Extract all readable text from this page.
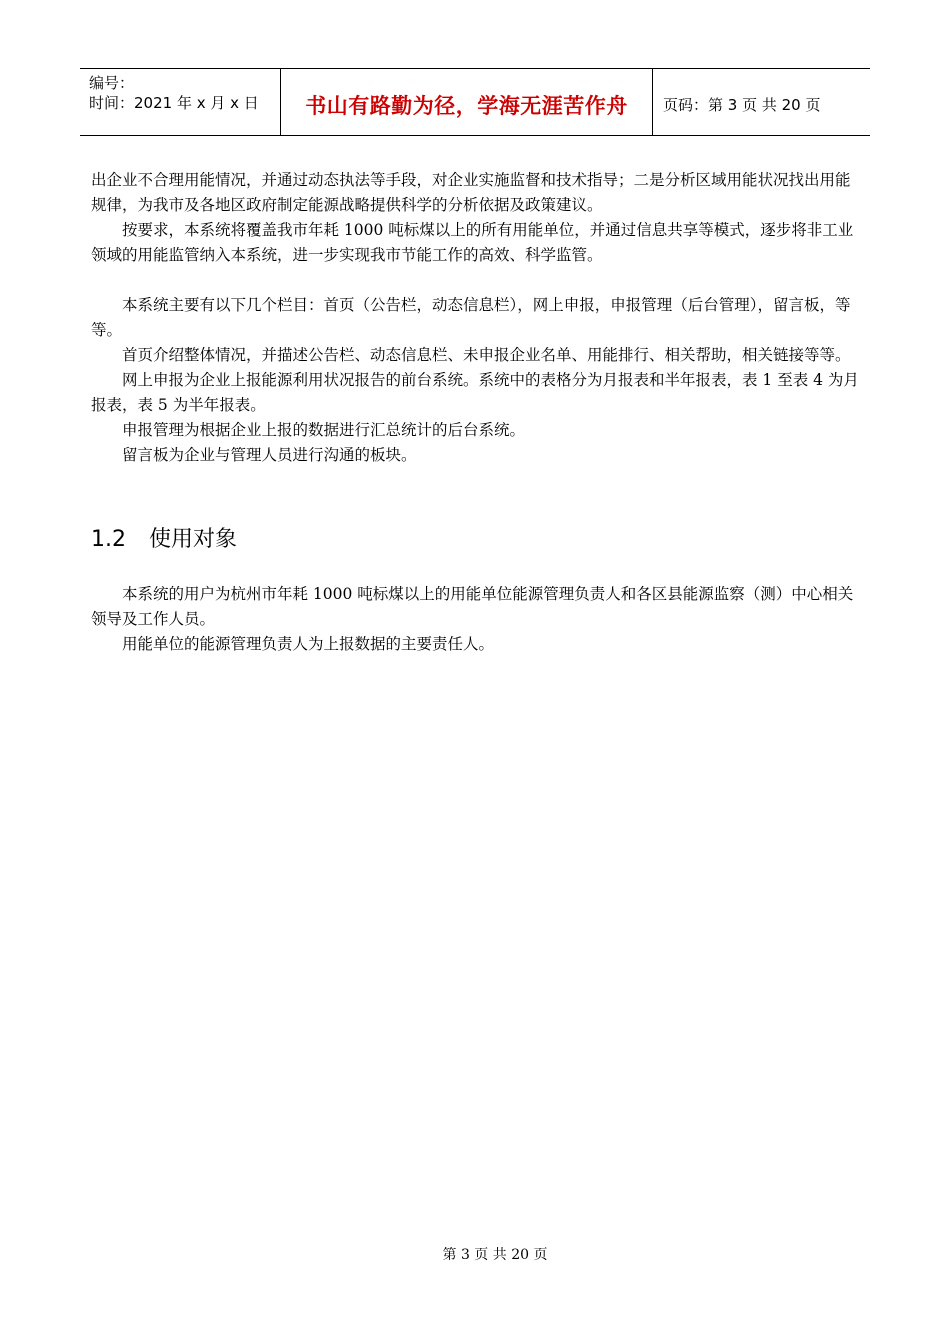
编号：
时间：2021 年 x 月 x 日	书山有路勤为径，学海无涯苦作舟	页码：第 3 页 共 20 页

出企业不合理用能情况，并通过动态执法等手段，对企业实施监督和技术指导；二是分析区域用能状况找出用能规律，为我市及各地区政府制定能源战略提供科学的分析依据及政策建议。

按要求，本系统将覆盖我市年耗 1000 吨标煤以上的所有用能单位，并通过信息共享等模式，逐步将非工业领域的用能监管纳入本系统，进一步实现我市节能工作的高效、科学监管。

本系统主要有以下几个栏目：首页（公告栏，动态信息栏），网上申报，申报管理（后台管理），留言板，等等。

首页介绍整体情况，并描述公告栏、动态信息栏、未申报企业名单、用能排行、相关帮助，相关链接等等。

网上申报为企业上报能源利用状况报告的前台系统。系统中的表格分为月报表和半年报表，表 1 至表 4 为月报表，表 5 为半年报表。

申报管理为根据企业上报的数据进行汇总统计的后台系统。

留言板为企业与管理人员进行沟通的板块。

1.2 使用对象

本系统的用户为杭州市年耗 1000 吨标煤以上的用能单位能源管理负责人和各区县能源监察（测）中心相关领导及工作人员。

用能单位的能源管理负责人为上报数据的主要责任人。

第 3 页 共 20 页
